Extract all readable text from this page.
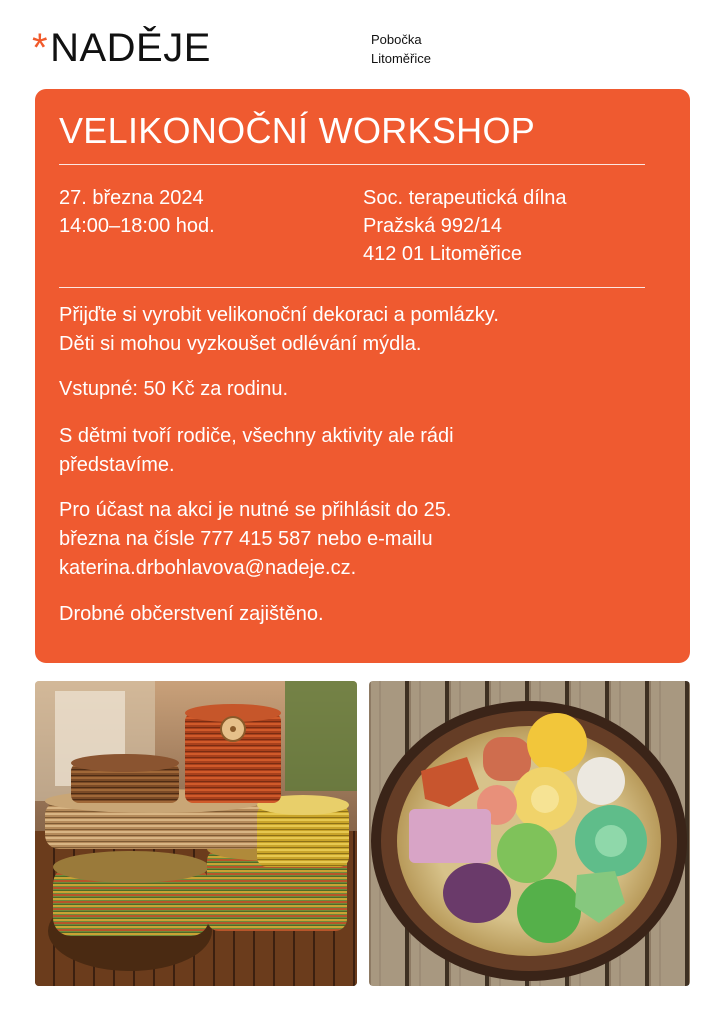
* NADĚJE	Pobočka
Litoměřice
VELIKONOČNÍ WORKSHOP
27. března 2024
14:00–18:00 hod.
Soc. terapeutická dílna
Pražská 992/14
412 01 Litoměřice
Přijďte si vyrobit velikonoční dekoraci a pomlázky.
Děti si mohou vyzkoušet odlévání mýdla.
Vstupné: 50 Kč za rodinu.
S dětmi tvoří rodiče, všechny aktivity ale rádi
představíme.
Pro účast na akci je nutné se přihlásit do 25.
března na čísle 777 415 587 nebo e-mailu
katerina.drbohlavova@nadeje.cz.
Drobné občerstvení zajištěno.
